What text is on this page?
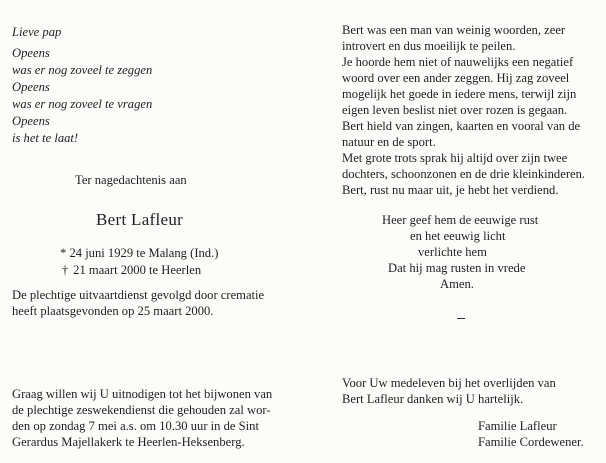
Lieve pap
Opeens
was er nog zoveel te zeggen
Opeens
was er nog zoveel te vragen
Opeens
is het te laat!
Ter nagedachtenis aan
Bert Lafleur
* 24 juni 1929 te Malang (Ind.)
† 21 maart 2000 te Heerlen
De plechtige uitvaartdienst gevolgd door crematie
heeft plaatsgevonden op 25 maart 2000.
Graag willen wij U uitnodigen tot het bijwonen van
de plechtige zeswekendienst die gehouden zal wor-
den op zondag 7 mei a.s. om 10.30 uur in de Sint
Gerardus Majellakerk te Heerlen-Heksenberg.
Bert was een man van weinig woorden, zeer
introvert en dus moeilijk te peilen.
Je hoorde hem niet of nauwelijks een negatief
woord over een ander zeggen. Hij zag zoveel
mogelijk het goede in iedere mens, terwijl zijn
eigen leven beslist niet over rozen is gegaan.
Bert hield van zingen, kaarten en vooral van de
natuur en de sport.
Met grote trots sprak hij altijd over zijn twee
dochters, schoonzonen en de drie kleinkinderen.
Bert, rust nu maar uit, je hebt het verdiend.
Heer geef hem de eeuwige rust
en het eeuwig licht
verlichte hem
Dat hij mag rusten in vrede
Amen.
Voor Uw medeleven bij het overlijden van
Bert Lafleur danken wij U hartelijk.
Familie Lafleur
Familie Cordewener.
